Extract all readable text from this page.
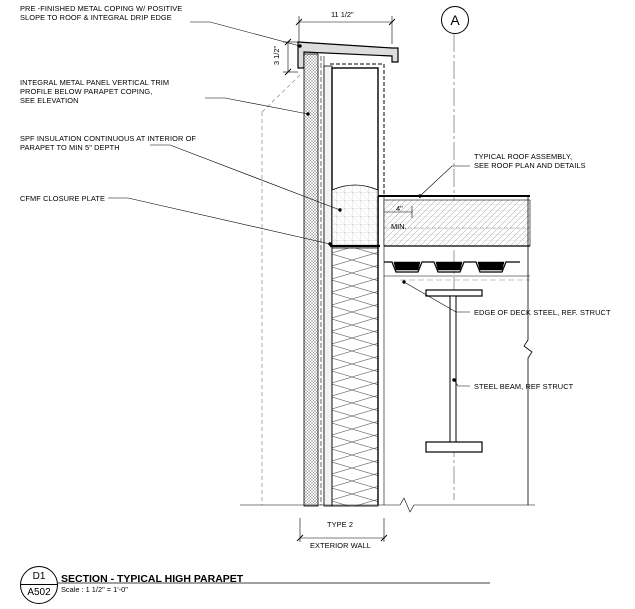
A
11 1/2"
3 1/2"
4"
MIN.
PRE -FINISHED METAL COPING W/ POSITIVE
SLOPE TO ROOF & INTEGRAL DRIP EDGE
INTEGRAL METAL PANEL VERTICAL TRIM
PROFILE BELOW PARAPET COPING,
SEE ELEVATION
SPF INSULATION CONTINUOUS AT INTERIOR OF
PARAPET TO MIN 5" DEPTH
CFMF CLOSURE PLATE
TYPICAL ROOF ASSEMBLY,
SEE ROOF PLAN AND DETAILS
EDGE OF DECK STEEL, REF. STRUCT
STEEL BEAM, REF STRUCT
TYPE 2
EXTERIOR WALL
D1
A502
SECTION - TYPICAL HIGH PARAPET
Scale : 1 1/2" = 1'-0"
